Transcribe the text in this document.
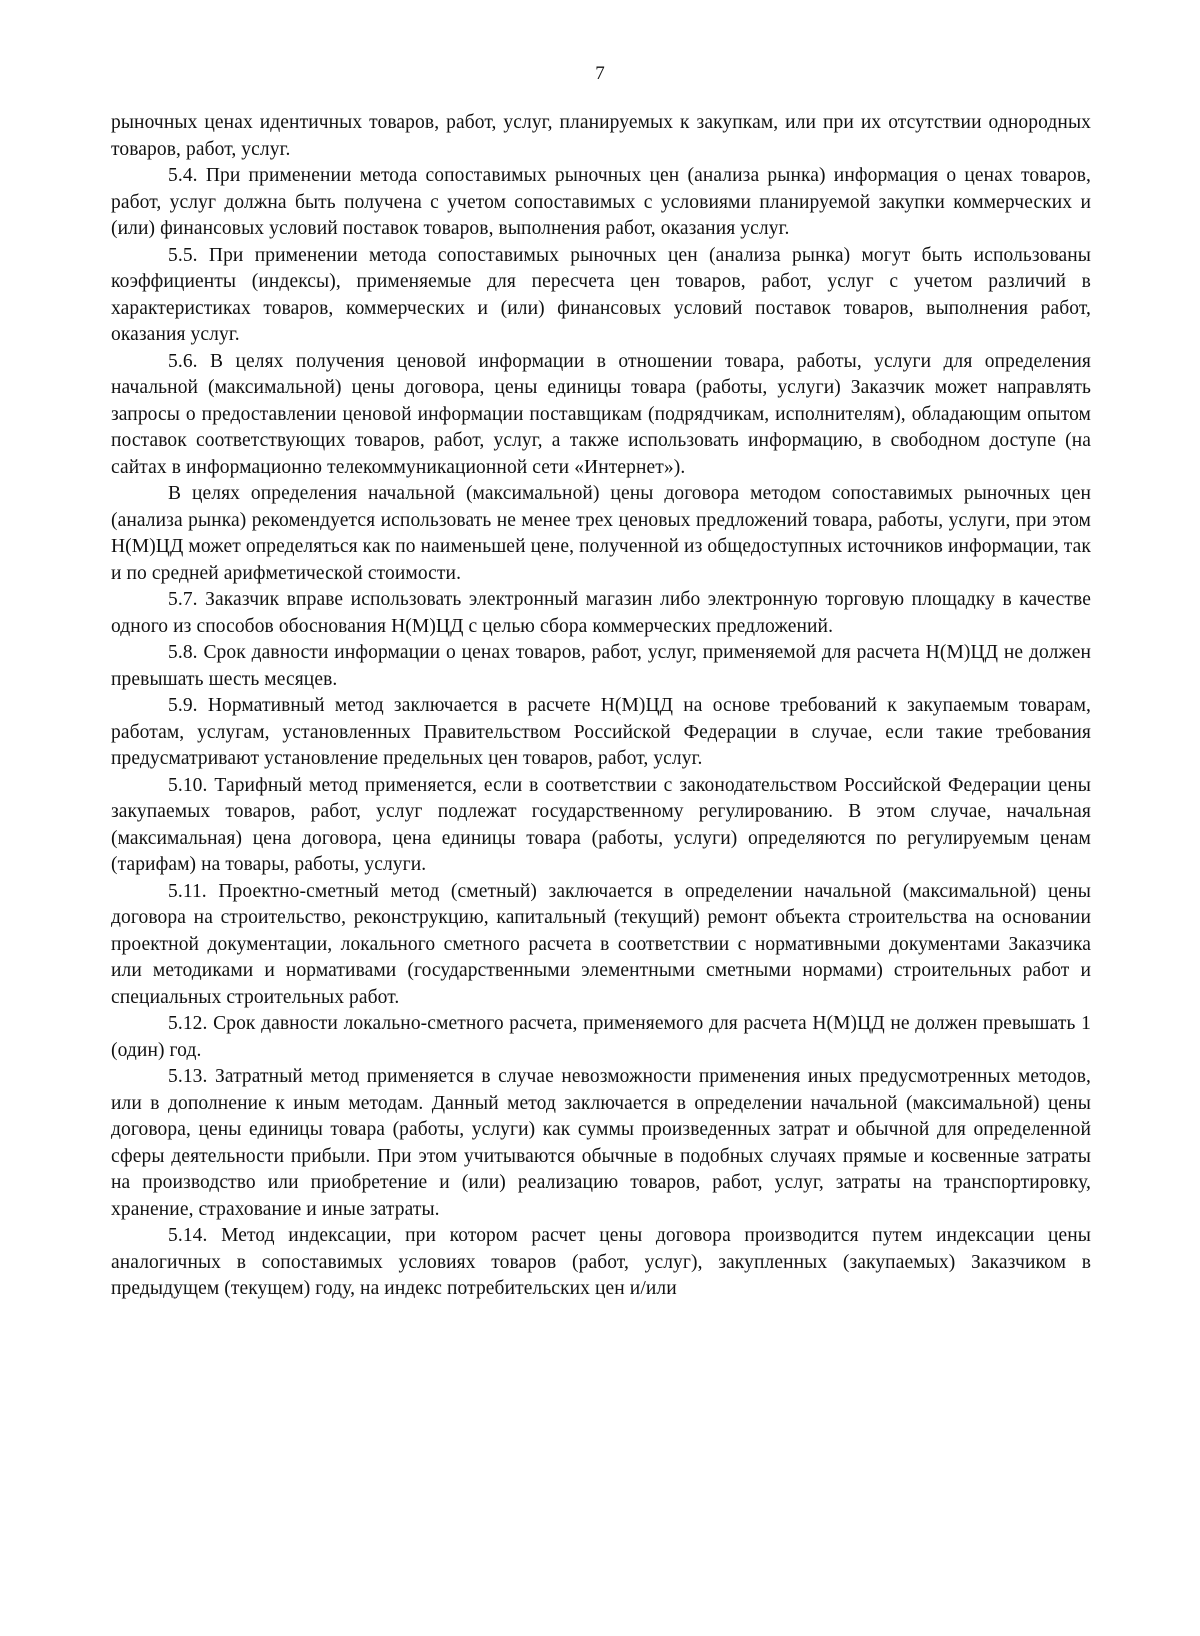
7

рыночных ценах идентичных товаров, работ, услуг, планируемых к закупкам, или при их отсутствии однородных товаров, работ, услуг.

5.4. При применении метода сопоставимых рыночных цен (анализа рынка) информация о ценах товаров, работ, услуг должна быть получена с учетом сопоставимых с условиями планируемой закупки коммерческих и (или) финансовых условий поставок товаров, выполнения работ, оказания услуг.

5.5. При применении метода сопоставимых рыночных цен (анализа рынка) могут быть использованы коэффициенты (индексы), применяемые для пересчета цен товаров, работ, услуг с учетом различий в характеристиках товаров, коммерческих и (или) финансовых условий поставок товаров, выполнения работ, оказания услуг.

5.6. В целях получения ценовой информации в отношении товара, работы, услуги для определения начальной (максимальной) цены договора, цены единицы товара (работы, услуги) Заказчик может направлять запросы о предоставлении ценовой информации поставщикам (подрядчикам, исполнителям), обладающим опытом поставок соответствующих товаров, работ, услуг, а также использовать информацию, в свободном доступе (на сайтах в информационно телекоммуникационной сети «Интернет»).

В целях определения начальной (максимальной) цены договора методом сопоставимых рыночных цен (анализа рынка) рекомендуется использовать не менее трех ценовых предложений товара, работы, услуги, при этом Н(М)ЦД может определяться как по наименьшей цене, полученной из общедоступных источников информации, так и по средней арифметической стоимости.

5.7. Заказчик вправе использовать электронный магазин либо электронную торговую площадку в качестве одного из способов обоснования Н(М)ЦД с целью сбора коммерческих предложений.

5.8. Срок давности информации о ценах товаров, работ, услуг, применяемой для расчета Н(М)ЦД не должен превышать шесть месяцев.

5.9. Нормативный метод заключается в расчете Н(М)ЦД на основе требований к закупаемым товарам, работам, услугам, установленных Правительством Российской Федерации в случае, если такие требования предусматривают установление предельных цен товаров, работ, услуг.

5.10. Тарифный метод применяется, если в соответствии с законодательством Российской Федерации цены закупаемых товаров, работ, услуг подлежат государственному регулированию. В этом случае, начальная (максимальная) цена договора, цена единицы товара (работы, услуги) определяются по регулируемым ценам (тарифам) на товары, работы, услуги.

5.11. Проектно-сметный метод (сметный) заключается в определении начальной (максимальной) цены договора на строительство, реконструкцию, капитальный (текущий) ремонт объекта строительства на основании проектной документации, локального сметного расчета в соответствии с нормативными документами Заказчика или методиками и нормативами (государственными элементными сметными нормами) строительных работ и специальных строительных работ.

5.12. Срок давности локально-сметного расчета, применяемого для расчета Н(М)ЦД не должен превышать 1 (один) год.

5.13. Затратный метод применяется в случае невозможности применения иных предусмотренных методов, или в дополнение к иным методам. Данный метод заключается в определении начальной (максимальной) цены договора, цены единицы товара (работы, услуги) как суммы произведенных затрат и обычной для определенной сферы деятельности прибыли. При этом учитываются обычные в подобных случаях прямые и косвенные затраты на производство или приобретение и (или) реализацию товаров, работ, услуг, затраты на транспортировку, хранение, страхование и иные затраты.

5.14. Метод индексации, при котором расчет цены договора производится путем индексации цены аналогичных в сопоставимых условиях товаров (работ, услуг), закупленных (закупаемых) Заказчиком в предыдущем (текущем) году, на индекс потребительских цен и/или
